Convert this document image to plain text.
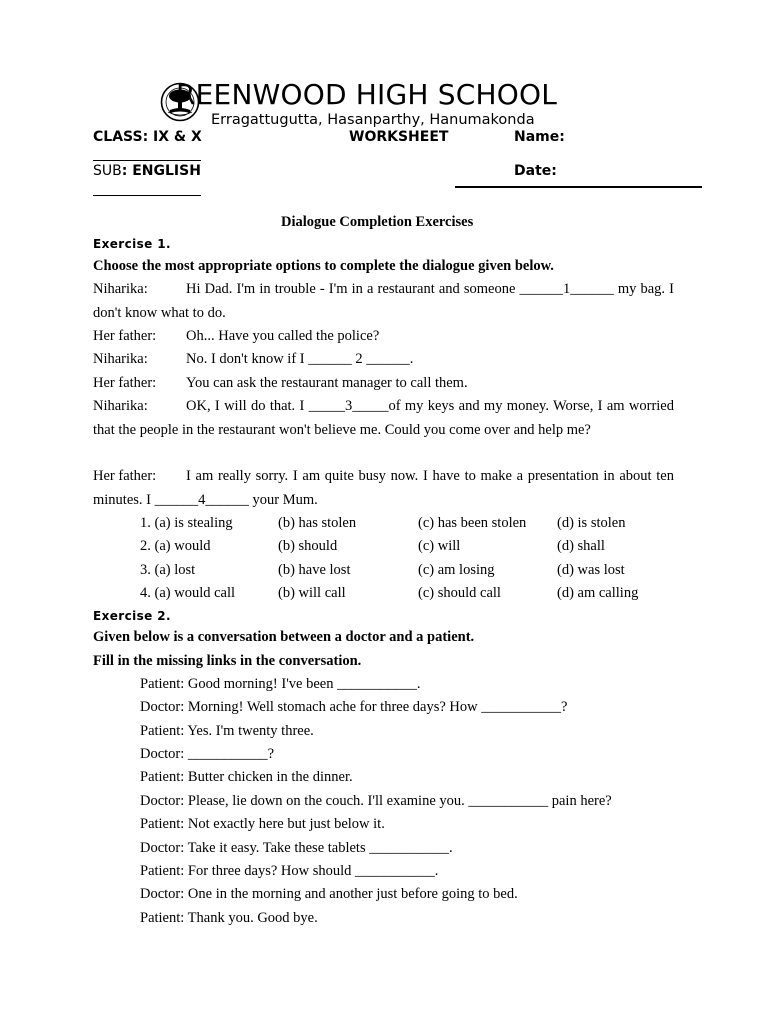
REENWOOD HIGH SCHOOL
Erragattugutta, Hasanparthy, Hanumakonda
CLASS: IX & X	WORKSHEET	Name:
SUB: ENGLISH	Date:
Dialogue Completion Exercises
Exercise 1.
Choose the most appropriate options to complete the dialogue given below.
Niharika:	Hi Dad. I'm in trouble - I'm in a restaurant and someone ______1______ my bag. I don't know what to do.
Her father: Oh... Have you called the police?
Niharika:	No. I don't know if I ______ 2 ______.
Her father: You can ask the restaurant manager to call them.
Niharika:	OK, I will do that. I _____3_____of my keys and my money. Worse, I am worried that the people in the restaurant won't believe me. Could you come over and help me?
Her father: I am really sorry. I am quite busy now. I have to make a presentation in about ten minutes. I ______4______ your Mum.
1. (a) is stealing	(b) has stolen	(c) has been stolen (d) is stolen
2. (a) would	(b) should	(c) will	(d) shall
3. (a) lost	(b) have lost	(c) am losing	(d) was lost
4. (a) would call	(b) will call	(c) should call	(d) am calling
Exercise 2.
Given below is a conversation between a doctor and a patient.
Fill in the missing links in the conversation.
Patient: Good morning! I've been ___________.
Doctor: Morning! Well stomach ache for three days? How ___________?
Patient: Yes. I'm twenty three.
Doctor: ___________?
Patient: Butter chicken in the dinner.
Doctor: Please, lie down on the couch. I'll examine you. ___________ pain here?
Patient: Not exactly here but just below it.
Doctor: Take it easy. Take these tablets ___________.
Patient: For three days? How should ___________.
Doctor: One in the morning and another just before going to bed.
Patient: Thank you. Good bye.
